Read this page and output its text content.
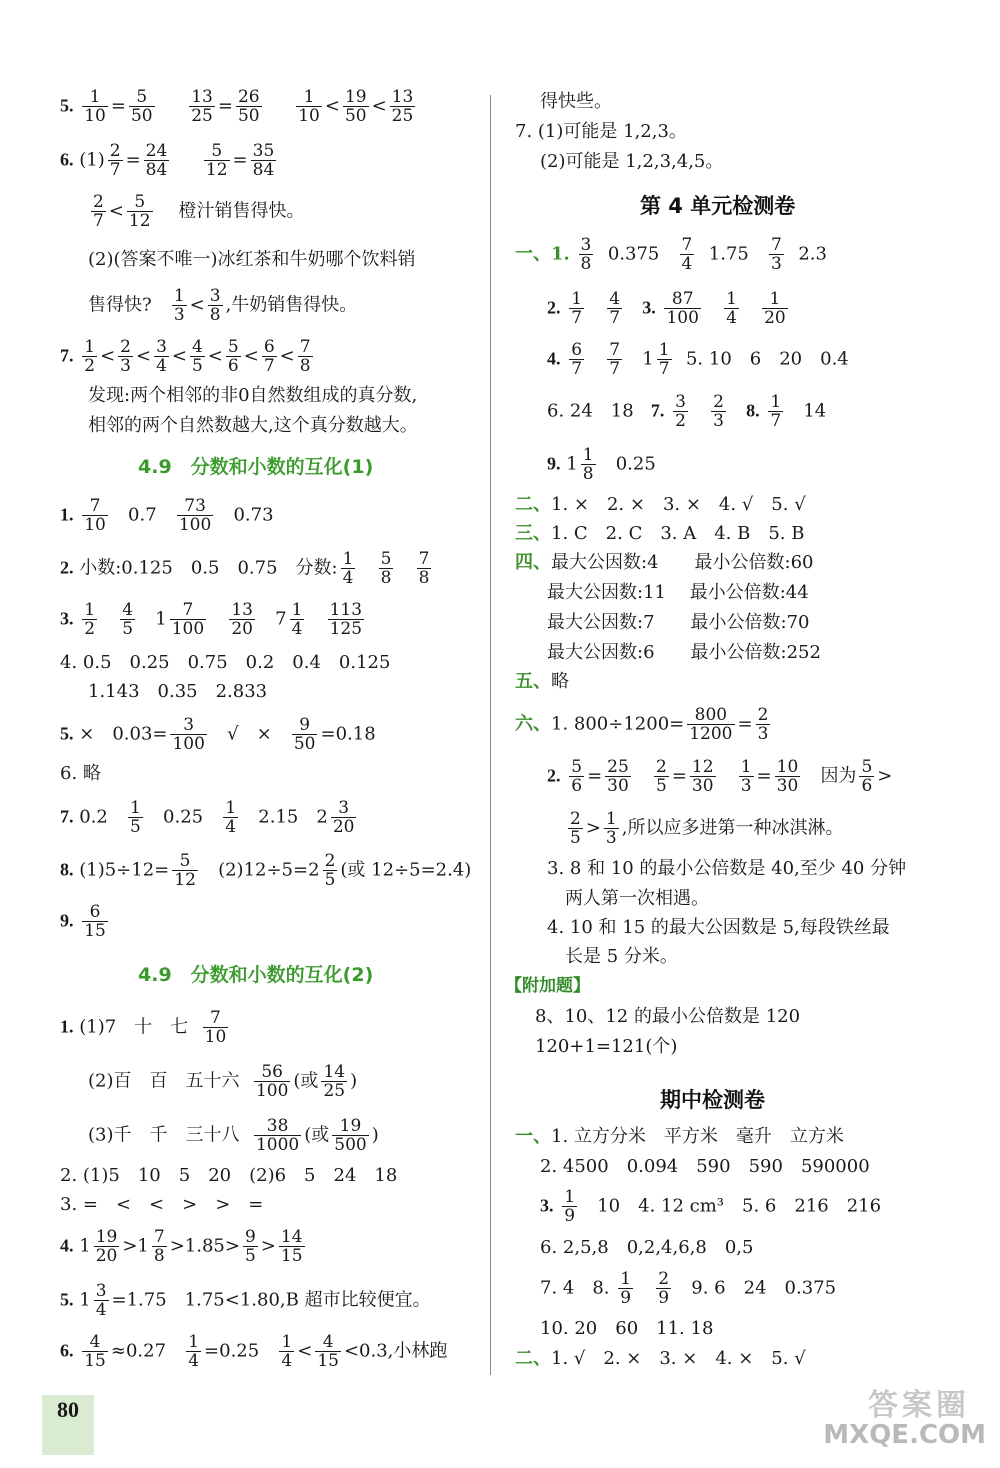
5. $\frac{1}{10} = \frac{5}{50}$
$\frac{13}{25} = \frac{26}{50}$
$\frac{1}{10} < \frac{19}{50} < \frac{13}{25}$
6. $(1) \frac{2}{7} = \frac{24}{84}$
$\frac{5}{12} = \frac{35}{84}$
$\frac{2}{7} < \frac{5}{12}$ 橙汁销售得快。
(2)(答案不唯一)冰红茶和牛奶哪个饮料销
售得快? $\frac{1}{3} < \frac{3}{8}$ ,牛奶销售得快。
7. $\frac{1}{2} < \frac{2}{3} < \frac{3}{4} < \frac{4}{5} < \frac{5}{6} < \frac{6}{7} < \frac{7}{8}$
发现:两个相邻的非0自然数组成的真分数,
相邻的两个自然数越大,这个真分数越大。
4.9　分数和小数的互化(1)
1. $\frac{7}{10} 0.7 \frac{73}{100} 0.73$
2. 小数:0.125　0.5　0.75　分数: $\frac{1}{4}$
$\frac{5}{8}$
$\frac{7}{8}$
3. $\frac{1}{2}$
$\frac{4}{5} 1 \frac{7}{100}$
$\frac{13}{20} 7 \frac{1}{4}$
$\frac{113}{125}$
4. 0.5　0.25　0.75　0.2　0.4　0.125
1.143　0.35　2.833
5. ×　$0.03= \frac{3}{100}$ √　× $\frac{9}{50} =0.18$
6. 略
7. $0.2 \frac{1}{5} 0.25 \frac{1}{4} 2.15$　$2 \frac{3}{20}$
8. $(1)5\div 12= \frac{5}{12} (2)12\div 5=2 \frac{2}{5}$ (或 12÷5=2.4)
9. $\frac{6}{15}$
4.9　分数和小数的互化(2)
1. (1)7　十　七 $\frac{7}{10}$
(2)百　百　五十六 $\frac{56}{100}$ (或 $\frac{14}{25}$ )
(3)千　千　三十八 $\frac{38}{1000}$ (或 $\frac{19}{500}$ )
2. (1)5　10　5　20　(2)6　5　24　18
3. =　<　<　>　>　=
4. $1 \frac{19}{20} >1 \frac{7}{8} >1.85> \frac{9}{5} > \frac{14}{15}$
5. $1 \frac{3}{4} =1.75$　1.75<1.80,B 超市比较便宜。
6. $\frac{4}{15} \approx 0.27 \frac{1}{4} =0.25 \frac{1}{4} < \frac{4}{15} <0.3$,小林跑
得快些。
7. (1)可能是 1,2,3。
(2)可能是 1,2,3,4,5。
第 4 单元检测卷
一、1. $\frac{3}{8} 0.375 \frac{7}{4} 1.75 \frac{7}{3} 2.3$
2. $\frac{1}{7}$
$\frac{4}{7} 3$. $\frac{87}{100}$
$\frac{1}{4}$
$\frac{1}{20}$
4. $\frac{6}{7}$
$\frac{7}{7} 1 \frac{1}{7} 5$. 10　6　20　0.4
6. 24　18 7. $\frac{3}{2}$
$\frac{2}{3} 8$. $\frac{1}{7} 14$
9. $1 \frac{1}{8} 0.25$
二、1. ×　2. ×　3. ×　4. √　5. √
三、1. C　2. C　3. A　4. B　5. B
四、最大公因数:4　　最小公倍数:60
最大公因数:11　 最小公倍数:44
最大公因数:7　　最小公倍数:70
最大公因数:6　　最小公倍数:252
五、略
六、1. $800\div 1200= \frac{800}{1200} = \frac{2}{3}$
2. $\frac{5}{6} = \frac{25}{30}$
$\frac{2}{5} = \frac{12}{30}$
$\frac{1}{3} = \frac{10}{30}$ 因为 $\frac{5}{6}$ >
$\frac{2}{5} > \frac{1}{3}$ ,所以应多进第一种冰淇淋。
3. 8 和 10 的最小公倍数是 40,至少 40 分钟
两人第一次相遇。
4. 10 和 15 的最大公因数是 5,每段铁丝最
长是 5 分米。
【附加题】
8、10、12 的最小公倍数是 120
120+1=121(个)
期中检测卷
一、1. 立方分米　平方米　毫升　立方米
2. 4500　0.094　590　590　590000
3. $\frac{1}{9} 10$　4. 12 cm³　5. 6　216　216
6. 2,5,8　0,2,4,6,8　0,5
7. 4　8. $\frac{1}{9}$
$\frac{2}{9} 9$. 6　24　0.375
10. 20　60　11. 18
二、1. √　2. ×　3. ×　4. ×　5. √
80	答案圈
MXQE.COM
